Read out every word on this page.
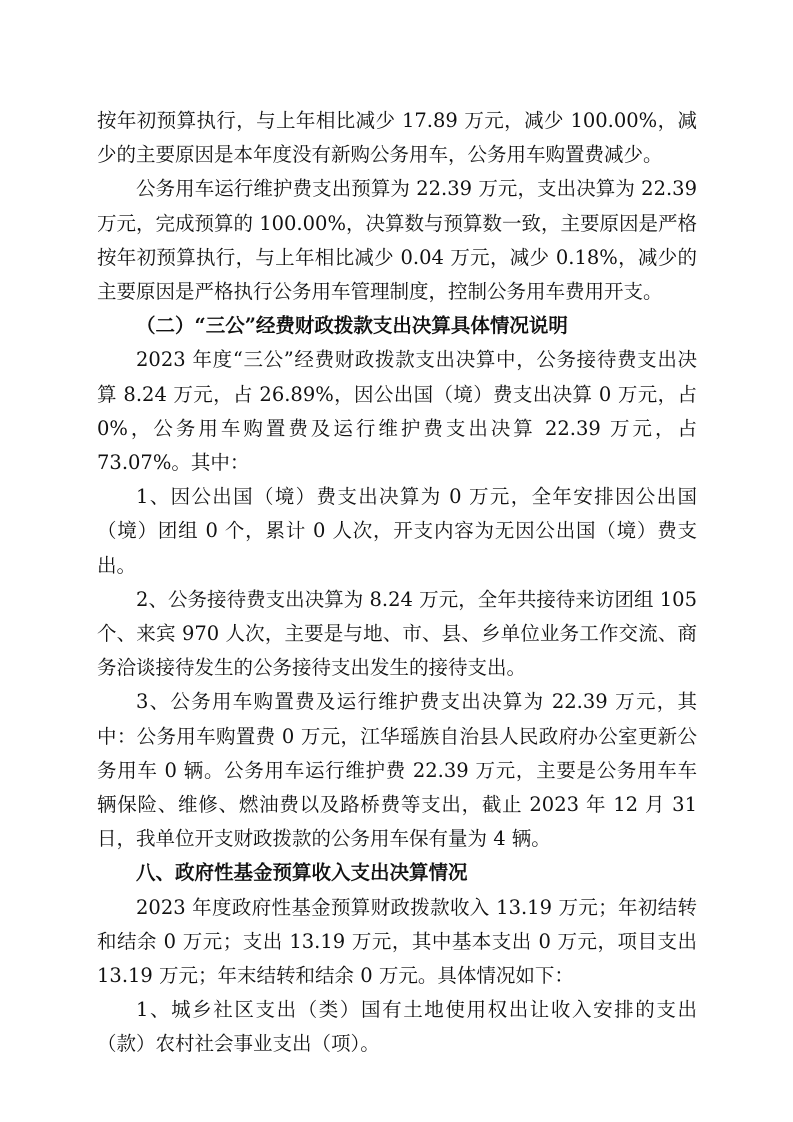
按年初预算执行，与上年相比减少 17.89 万元，减少 100.00%，减少的主要原因是本年度没有新购公务用车，公务用车购置费减少。

公务用车运行维护费支出预算为 22.39 万元，支出决算为 22.39 万元，完成预算的 100.00%，决算数与预算数一致，主要原因是严格按年初预算执行，与上年相比减少 0.04 万元，减少 0.18%，减少的主要原因是严格执行公务用车管理制度，控制公务用车费用开支。

（二）“三公”经费财政拨款支出决算具体情况说明

2023 年度“三公”经费财政拨款支出决算中，公务接待费支出决算 8.24 万元，占 26.89%，因公出国（境）费支出决算 0 万元，占 0%，公务用车购置费及运行维护费支出决算 22.39 万元，占 73.07%。其中：

1、因公出国（境）费支出决算为 0 万元，全年安排因公出国（境）团组 0 个，累计 0 人次，开支内容为无因公出国（境）费支出。

2、公务接待费支出决算为 8.24 万元，全年共接待来访团组 105 个、来宾 970 人次，主要是与地、市、县、乡单位业务工作交流、商务洽谈接待发生的公务接待支出发生的接待支出。

3、公务用车购置费及运行维护费支出决算为 22.39 万元，其中：公务用车购置费 0 万元，江华瑶族自治县人民政府办公室更新公务用车 0 辆。公务用车运行维护费 22.39 万元，主要是公务用车车辆保险、维修、燃油费以及路桥费等支出，截止 2023 年 12 月 31 日，我单位开支财政拨款的公务用车保有量为 4 辆。

八、政府性基金预算收入支出决算情况

2023 年度政府性基金预算财政拨款收入 13.19 万元；年初结转和结余 0 万元；支出 13.19 万元，其中基本支出 0 万元，项目支出 13.19 万元；年末结转和结余 0 万元。具体情况如下：

1、城乡社区支出（类）国有土地使用权出让收入安排的支出（款）农村社会事业支出（项）。
